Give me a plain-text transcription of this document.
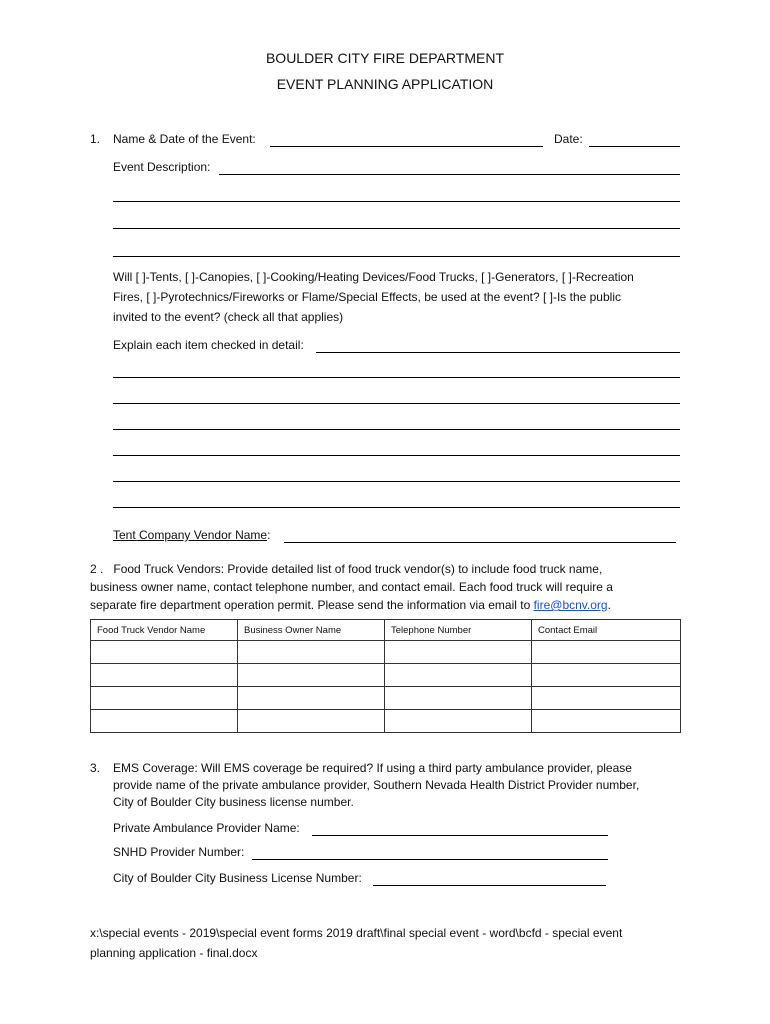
BOULDER CITY FIRE DEPARTMENT
EVENT PLANNING APPLICATION
1. Name & Date of the Event:	Date:
Event Description:
Will [ ]-Tents, [ ]-Canopies, [ ]-Cooking/Heating Devices/Food Trucks, [ ]-Generators, [ ]-Recreation
Fires, [ ]-Pyrotechnics/Fireworks or Flame/Special Effects, be used at the event? [ ]-Is the public
invited to the event? (check all that applies)
Explain each item checked in detail:
Tent Company Vendor Name:
2 . Food Truck Vendors: Provide detailed list of food truck vendor(s) to include food truck name,
business owner name, contact telephone number, and contact email. Each food truck will require a
separate fire department operation permit. Please send the information via email to fire@bcnv.org.
Food Truck Vendor Name	Business Owner Name	Telephone Number	Contact Email

3. EMS Coverage: Will EMS coverage be required? If using a third party ambulance provider, please
provide name of the private ambulance provider, Southern Nevada Health District Provider number,
City of Boulder City business license number.
Private Ambulance Provider Name:
SNHD Provider Number:
City of Boulder City Business License Number:
x:\special events - 2019\special event forms 2019 draft\final special event - word\bcfd - special event
planning application - final.docx
